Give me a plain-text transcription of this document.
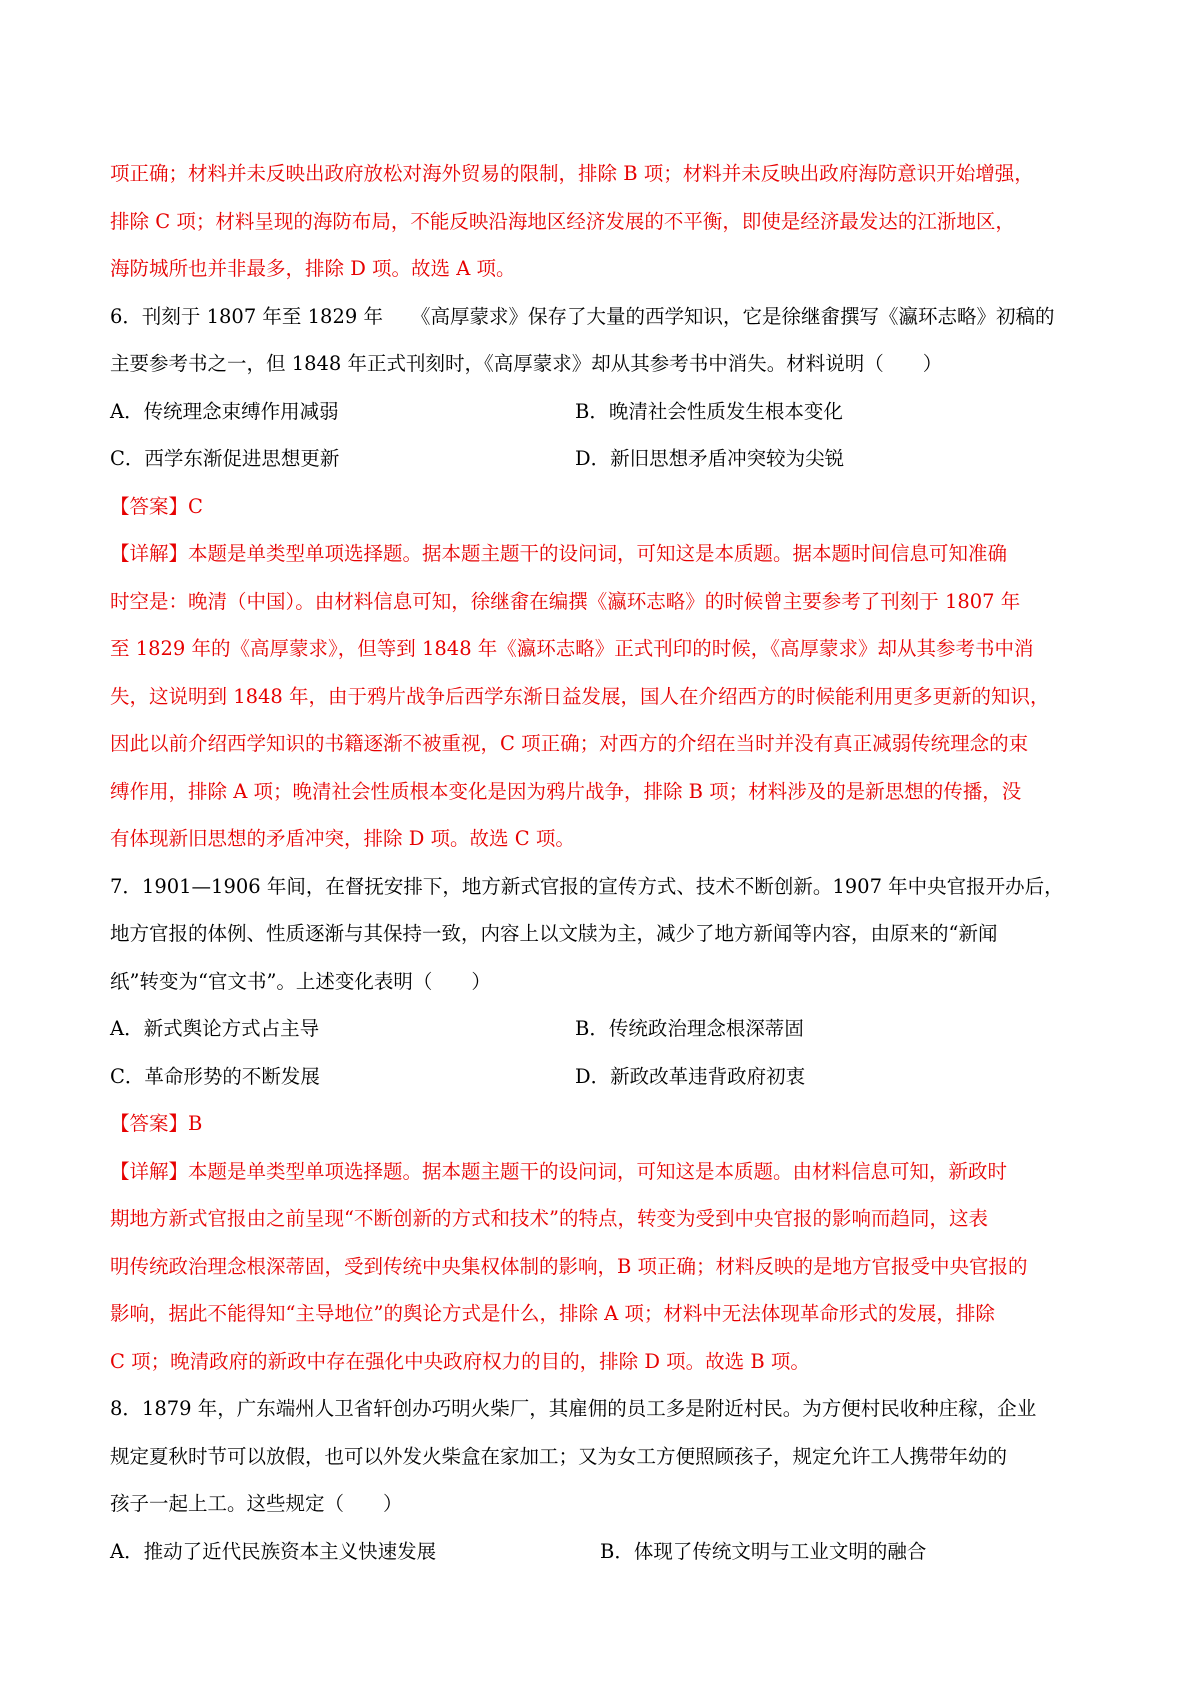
项正确；材料并未反映出政府放松对海外贸易的限制，排除 B 项；材料并未反映出政府海防意识开始增强，
排除 C 项；材料呈现的海防布局，不能反映沿海地区经济发展的不平衡，即使是经济最发达的江浙地区，
海防城所也并非最多，排除 D 项。故选 A 项。
6．刊刻于 1807 年至 1829 年 《高厚蒙求》保存了大量的西学知识，它是徐继畬撰写《瀛环志略》初稿的
主要参考书之一，但 1848 年正式刊刻时，《高厚蒙求》却从其参考书中消失。材料说明（　　）
A．传统理念束缚作用减弱	B．晚清社会性质发生根本变化
C．西学东渐促进思想更新	D．新旧思想矛盾冲突较为尖锐
【答案】C
【详解】本题是单类型单项选择题。据本题主题干的设问词，可知这是本质题。据本题时间信息可知准确
时空是：晚清（中国）。由材料信息可知，徐继畬在编撰《瀛环志略》的时候曾主要参考了刊刻于 1807 年
至 1829 年的《高厚蒙求》，但等到 1848 年《瀛环志略》正式刊印的时候，《高厚蒙求》却从其参考书中消
失，这说明到 1848 年，由于鸦片战争后西学东渐日益发展，国人在介绍西方的时候能利用更多更新的知识，
因此以前介绍西学知识的书籍逐渐不被重视，C 项正确；对西方的介绍在当时并没有真正减弱传统理念的束
缚作用，排除 A 项；晚清社会性质根本变化是因为鸦片战争，排除 B 项；材料涉及的是新思想的传播，没
有体现新旧思想的矛盾冲突，排除 D 项。故选 C 项。
7．1901—1906 年间，在督抚安排下，地方新式官报的宣传方式、技术不断创新。1907 年中央官报开办后，
地方官报的体例、性质逐渐与其保持一致，内容上以文牍为主，减少了地方新闻等内容，由原来的“新闻
纸”转变为“官文书”。上述变化表明（　　）
A．新式舆论方式占主导	B．传统政治理念根深蒂固
C．革命形势的不断发展	D．新政改革违背政府初衷
【答案】B
【详解】本题是单类型单项选择题。据本题主题干的设问词，可知这是本质题。由材料信息可知，新政时
期地方新式官报由之前呈现“不断创新的方式和技术”的特点，转变为受到中央官报的影响而趋同，这表
明传统政治理念根深蒂固，受到传统中央集权体制的影响，B 项正确；材料反映的是地方官报受中央官报的
影响，据此不能得知“主导地位”的舆论方式是什么，排除 A 项；材料中无法体现革命形式的发展，排除
C 项；晚清政府的新政中存在强化中央政府权力的目的，排除 D 项。故选 B 项。
8．1879 年，广东端州人卫省轩创办巧明火柴厂，其雇佣的员工多是附近村民。为方便村民收种庄稼，企业
规定夏秋时节可以放假，也可以外发火柴盒在家加工；又为女工方便照顾孩子，规定允许工人携带年幼的
孩子一起上工。这些规定（　　）
A．推动了近代民族资本主义快速发展	B．体现了传统文明与工业文明的融合
